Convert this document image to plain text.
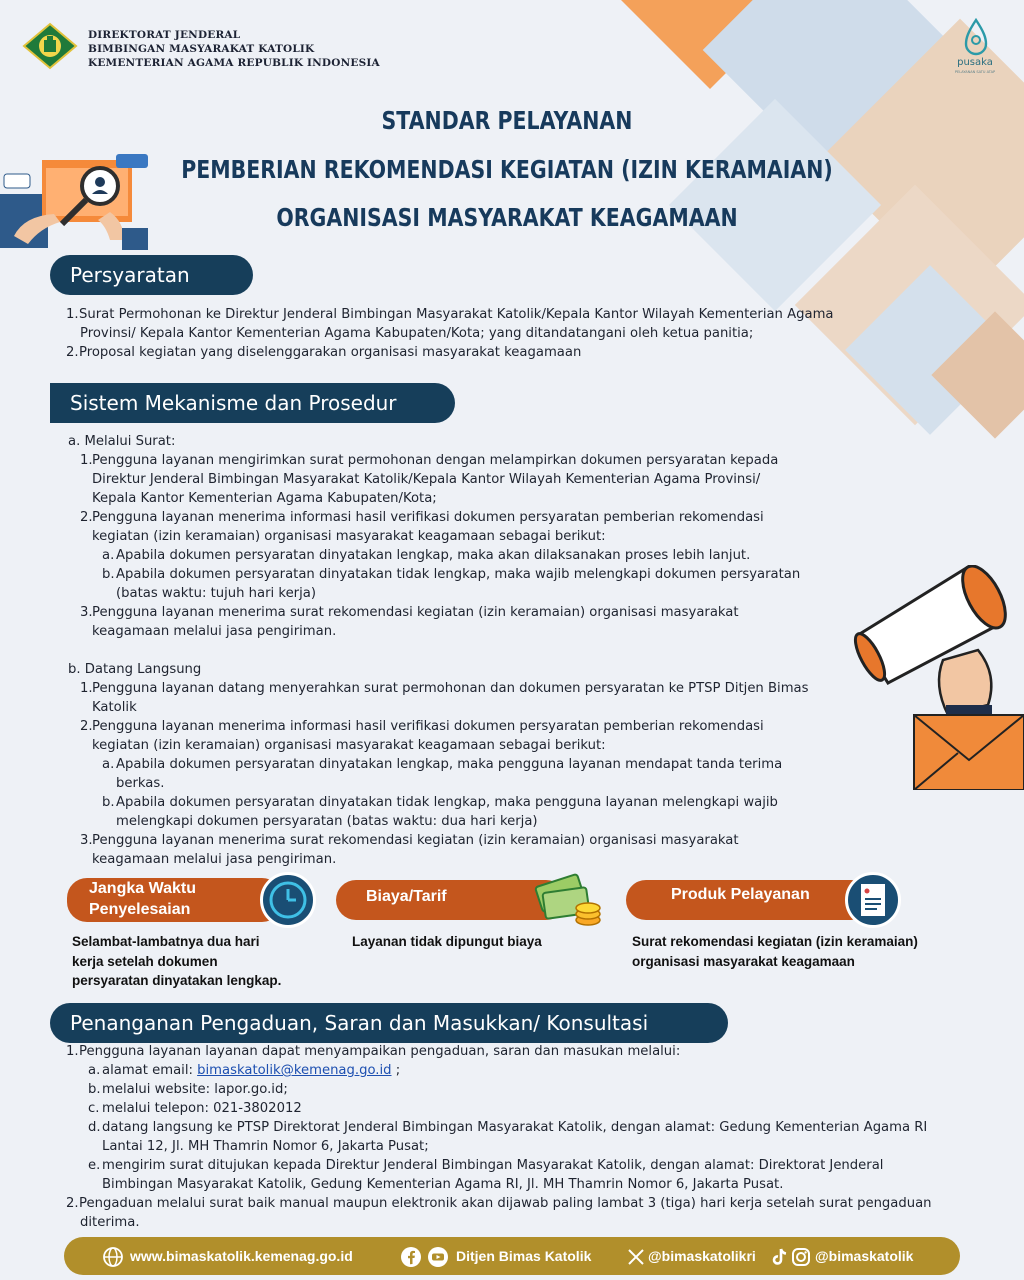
DIREKTORAT JENDERAL
BIMBINGAN MASYARAKAT KATOLIK
KEMENTERIAN AGAMA REPUBLIK INDONESIA	pusaka
PELAYANAN SATU ATAP
STANDAR PELAYANAN
PEMBERIAN REKOMENDASI KEGIATAN (IZIN KERAMAIAN)
ORGANISASI MASYARAKAT KEAGAMAAN
Persyaratan
1.Surat Permohonan ke Direktur Jenderal Bimbingan Masyarakat Katolik/Kepala Kantor Wilayah Kementerian Agama
Provinsi/ Kepala Kantor Kementerian Agama Kabupaten/Kota; yang ditandatangani oleh ketua panitia;
2.Proposal kegiatan yang diselenggarakan organisasi masyarakat keagamaan
Sistem Mekanisme dan Prosedur
a. Melalui Surat:
1.Pengguna layanan mengirimkan surat permohonan dengan melampirkan dokumen persyaratan kepada
Direktur Jenderal Bimbingan Masyarakat Katolik/Kepala Kantor Wilayah Kementerian Agama Provinsi/
Kepala Kantor Kementerian Agama Kabupaten/Kota;
2.Pengguna layanan menerima informasi hasil verifikasi dokumen persyaratan pemberian rekomendasi
kegiatan (izin keramaian) organisasi masyarakat keagamaan sebagai berikut:
a. Apabila dokumen persyaratan dinyatakan lengkap, maka akan dilaksanakan proses lebih lanjut.
b.Apabila dokumen persyaratan dinyatakan tidak lengkap, maka wajib melengkapi dokumen persyaratan
(batas waktu: tujuh hari kerja)
3.Pengguna layanan menerima surat rekomendasi kegiatan (izin keramaian) organisasi masyarakat
keagamaan melalui jasa pengiriman.
b. Datang Langsung
1.Pengguna layanan datang menyerahkan surat permohonan dan dokumen persyaratan ke PTSP Ditjen Bimas
Katolik
2.Pengguna layanan menerima informasi hasil verifikasi dokumen persyaratan pemberian rekomendasi
kegiatan (izin keramaian) organisasi masyarakat keagamaan sebagai berikut:
a. Apabila dokumen persyaratan dinyatakan lengkap, maka pengguna layanan mendapat tanda terima
berkas.
b.Apabila dokumen persyaratan dinyatakan tidak lengkap, maka pengguna layanan melengkapi wajib
melengkapi dokumen persyaratan (batas waktu: dua hari kerja)
3.Pengguna layanan menerima surat rekomendasi kegiatan (izin keramaian) organisasi masyarakat
keagamaan melalui jasa pengiriman.
Jangka Waktu
Penyelesaian
Selambat-lambatnya dua hari
kerja setelah dokumen
persyaratan dinyatakan lengkap.
Biaya/Tarif
Layanan tidak dipungut biaya
Produk Pelayanan
Surat rekomendasi kegiatan (izin keramaian)
organisasi masyarakat keagamaan
Penanganan Pengaduan, Saran dan Masukkan/ Konsultasi
1.Pengguna layanan layanan dapat menyampaikan pengaduan, saran dan masukan melalui:
a. alamat email: bimaskatolik@kemenag.go.id ;
b.melalui website: lapor.go.id;
c. melalui telepon: 021-3802012
d.datang langsung ke PTSP Direktorat Jenderal Bimbingan Masyarakat Katolik, dengan alamat: Gedung Kementerian Agama RI
Lantai 12, Jl. MH Thamrin Nomor 6, Jakarta Pusat;
e. mengirim surat ditujukan kepada Direktur Jenderal Bimbingan Masyarakat Katolik, dengan alamat: Direktorat Jenderal
Bimbingan Masyarakat Katolik, Gedung Kementerian Agama RI, Jl. MH Thamrin Nomor 6, Jakarta Pusat.
2.Pengaduan melalui surat baik manual maupun elektronik akan dijawab paling lambat 3 (tiga) hari kerja setelah surat pengaduan
diterima.
www.bimaskatolik.kemenag.go.id	Ditjen Bimas Katolik	@bimaskatolikri	@bimaskatolik
